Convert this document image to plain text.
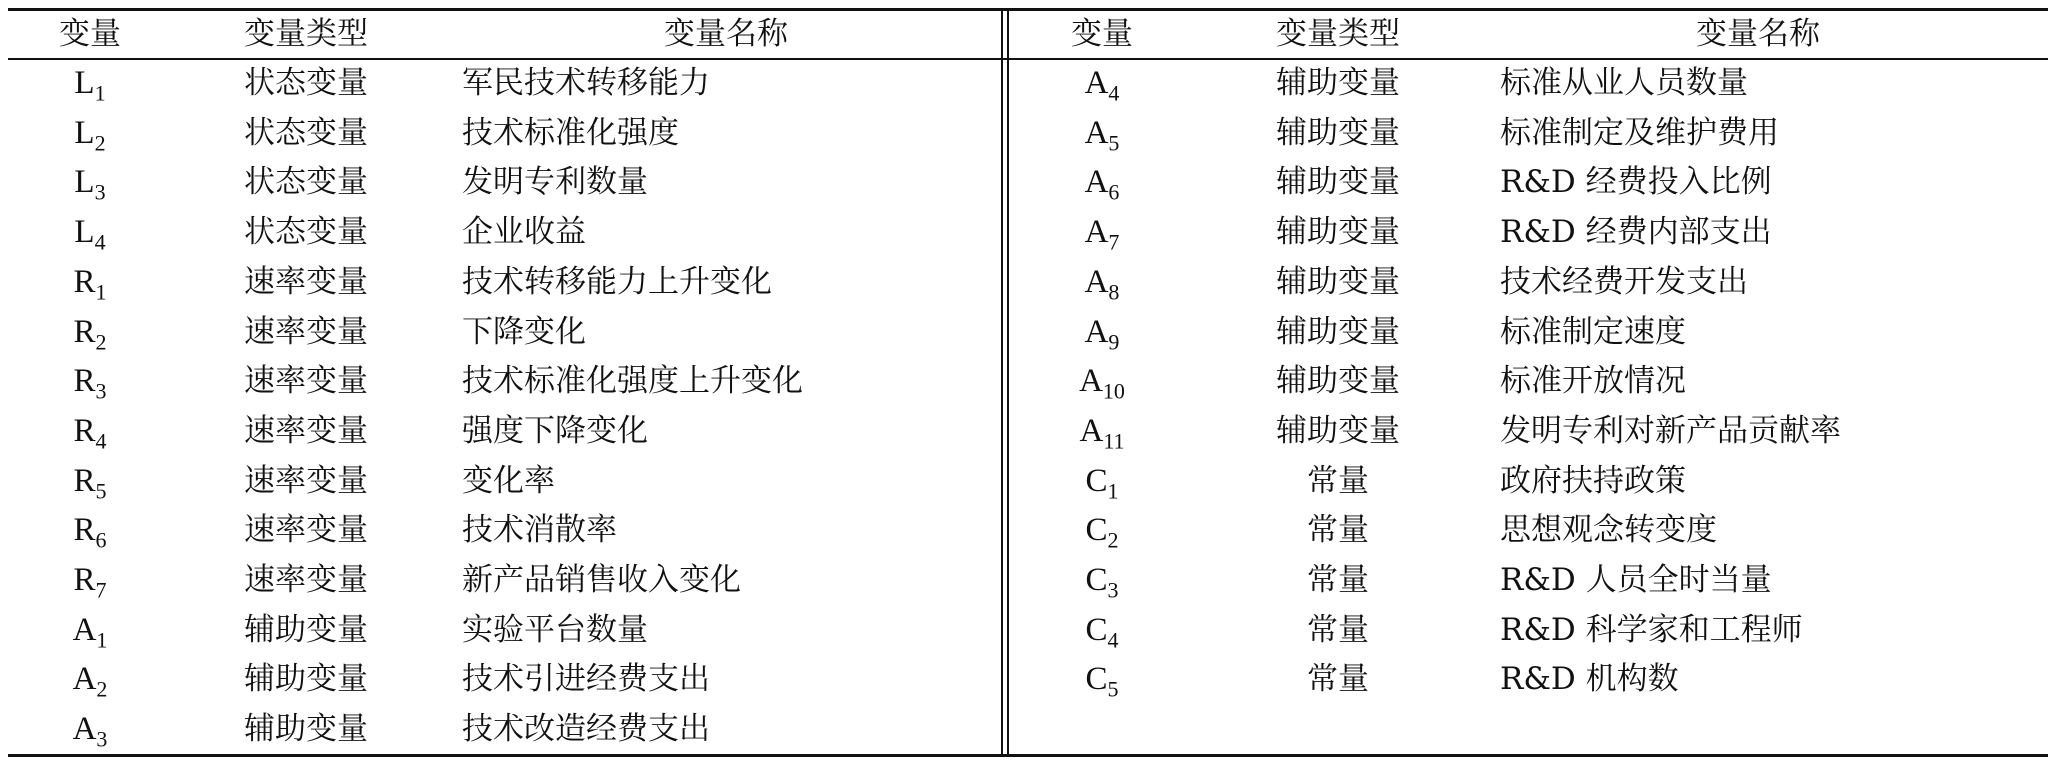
变量	变量类型	变量名称	变量	变量类型	变量名称
$L_1$	状态变量	军民技术转移能力
$L_2$	状态变量	技术标准化强度
$L_3$	状态变量	发明专利数量
$L_4$	状态变量	企业收益
$R_1$	速率变量	技术转移能力上升变化
$R_2$	速率变量	下降变化
$R_3$	速率变量	技术标准化强度上升变化
$R_4$	速率变量	强度下降变化
$R_5$	速率变量	变化率
$R_6$	速率变量	技术消散率
$R_7$	速率变量	新产品销售收入变化
$A_1$	辅助变量	实验平台数量
$A_2$	辅助变量	技术引进经费支出
$A_3$	辅助变量	技术改造经费支出
$A_4$	辅助变量	标准从业人员数量
$A_5$	辅助变量	标准制定及维护费用
$A_6$	辅助变量	R&D 经费投入比例
$A_7$	辅助变量	R&D 经费内部支出
$A_8$	辅助变量	技术经费开发支出
$A_9$	辅助变量	标准制定速度
$A_{10}$	辅助变量	标准开放情况
$A_{11}$	辅助变量	发明专利对新产品贡献率
$C_1$	常量	政府扶持政策
$C_2$	常量	思想观念转变度
$C_3$	常量	R&D 人员全时当量
$C_4$	常量	R&D 科学家和工程师
$C_5$	常量	R&D 机构数
